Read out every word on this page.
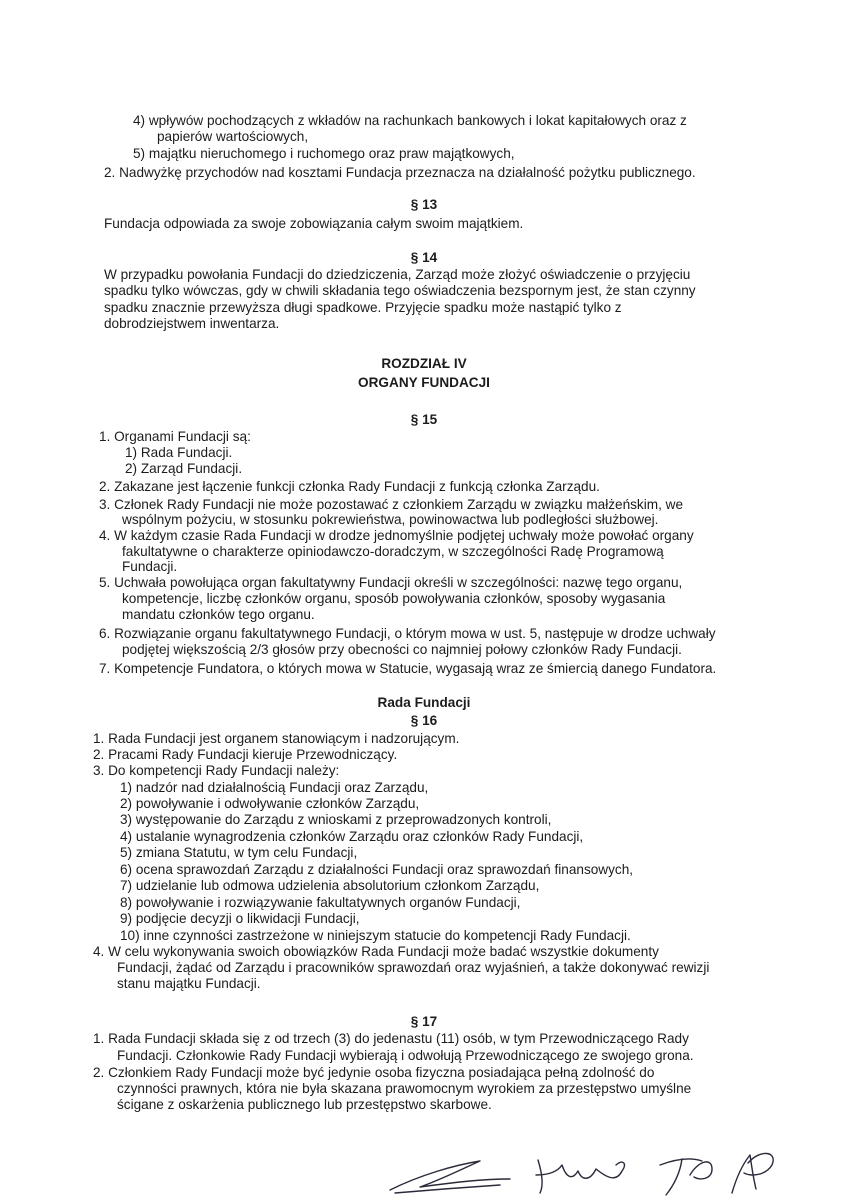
4) wpływów pochodzących z wkładów na rachunkach bankowych i lokat kapitałowych oraz z

papierów wartościowych,

5) majątku nieruchomego i ruchomego oraz praw majątkowych,

2. Nadwyżkę przychodów nad kosztami Fundacja przeznacza na działalność pożytku publicznego.

§ 13

Fundacja odpowiada za swoje zobowiązania całym swoim majątkiem.

§ 14

W przypadku powołania Fundacji do dziedziczenia, Zarząd może złożyć oświadczenie o przyjęciu

spadku tylko wówczas, gdy w chwili składania tego oświadczenia bezspornym jest, że stan czynny

spadku znacznie przewyższa długi spadkowe. Przyjęcie spadku może nastąpić tylko z

dobrodziejstwem inwentarza.

ROZDZIAŁ IV

ORGANY FUNDACJI

§ 15

1. Organami Fundacji są:

1) Rada Fundacji.

2) Zarząd Fundacji.

2. Zakazane jest łączenie funkcji członka Rady Fundacji z funkcją członka Zarządu.

3. Członek Rady Fundacji nie może pozostawać z członkiem Zarządu w związku małżeńskim, we

wspólnym pożyciu, w stosunku pokrewieństwa, powinowactwa lub podległości służbowej.

4. W każdym czasie Rada Fundacji w drodze jednomyślnie podjętej uchwały może powołać organy

fakultatywne o charakterze opiniodawczo-doradczym, w szczególności Radę Programową

Fundacji.

5. Uchwała powołująca organ fakultatywny Fundacji określi w szczególności: nazwę tego organu,

kompetencje, liczbę członków organu, sposób powoływania członków, sposoby wygasania

mandatu członków tego organu.

6. Rozwiązanie organu fakultatywnego Fundacji, o którym mowa w ust. 5, następuje w drodze uchwały

podjętej większością 2/3 głosów przy obecności co najmniej połowy członków Rady Fundacji.

7. Kompetencje Fundatora, o których mowa w Statucie, wygasają wraz ze śmiercią danego Fundatora.

Rada Fundacji

§ 16

1. Rada Fundacji jest organem stanowiącym i nadzorującym.

2. Pracami Rady Fundacji kieruje Przewodniczący.

3. Do kompetencji Rady Fundacji należy:

1) nadzór nad działalnością Fundacji oraz Zarządu,

2) powoływanie i odwoływanie członków Zarządu,

3) występowanie do Zarządu z wnioskami z przeprowadzonych kontroli,

4) ustalanie wynagrodzenia członków Zarządu oraz członków Rady Fundacji,

5) zmiana Statutu, w tym celu Fundacji,

6) ocena sprawozdań Zarządu z działalności Fundacji oraz sprawozdań finansowych,

7) udzielanie lub odmowa udzielenia absolutorium członkom Zarządu,

8) powoływanie i rozwiązywanie fakultatywnych organów Fundacji,

9) podjęcie decyzji o likwidacji Fundacji,

10) inne czynności zastrzeżone w niniejszym statucie do kompetencji Rady Fundacji.

4. W celu wykonywania swoich obowiązków Rada Fundacji może badać wszystkie dokumenty

Fundacji, żądać od Zarządu i pracowników sprawozdań oraz wyjaśnień, a także dokonywać rewizji

stanu majątku Fundacji.

§ 17

1. Rada Fundacji składa się z od trzech (3) do jedenastu (11) osób, w tym Przewodniczącego Rady

Fundacji. Członkowie Rady Fundacji wybierają i odwołują Przewodniczącego ze swojego grona.

2. Członkiem Rady Fundacji może być jedynie osoba fizyczna posiadająca pełną zdolność do

czynności prawnych, która nie była skazana prawomocnym wyrokiem za przestępstwo umyślne

ścigane z oskarżenia publicznego lub przestępstwo skarbowe.
